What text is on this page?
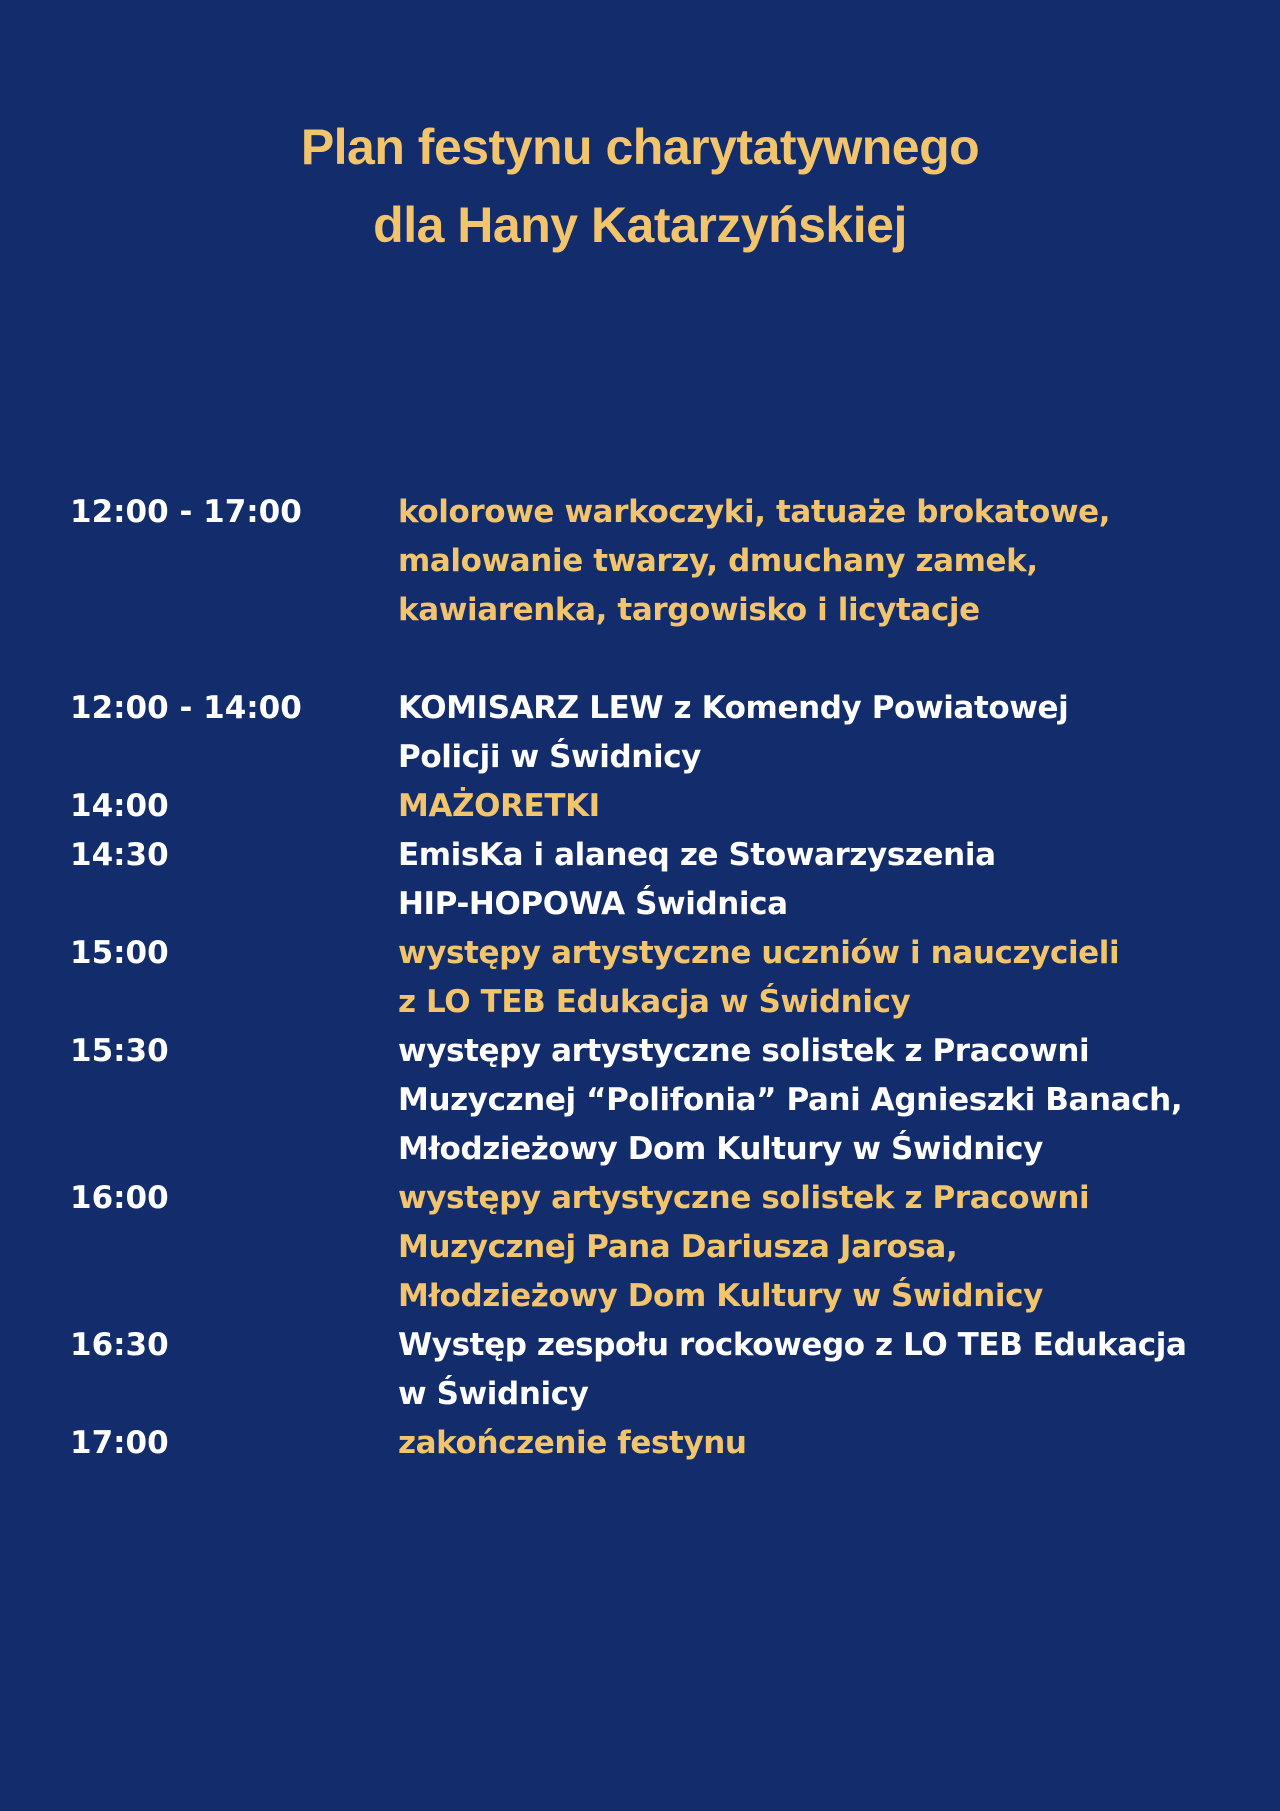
Plan festynu charytatywnego
dla Hany Katarzyńskiej
12:00 - 17:00	kolorowe warkoczyki, tatuaże brokatowe,
malowanie twarzy, dmuchany zamek,
kawiarenka, targowisko i licytacje
12:00 - 14:00	KOMISARZ LEW z Komendy Powiatowej
Policji w Świdnicy
14:00	MAŻORETKI
14:30	EmisKa i alaneq ze Stowarzyszenia
HIP-HOPOWA Świdnica
15:00	występy artystyczne uczniów i nauczycieli
z LO TEB Edukacja w Świdnicy
15:30	występy artystyczne solistek z Pracowni
Muzycznej “Polifonia” Pani Agnieszki Banach,
Młodzieżowy Dom Kultury w Świdnicy
16:00	występy artystyczne solistek z Pracowni
Muzycznej Pana Dariusza Jarosa,
Młodzieżowy Dom Kultury w Świdnicy
16:30	Występ zespołu rockowego z LO TEB Edukacja
w Świdnicy
17:00	zakończenie festynu
